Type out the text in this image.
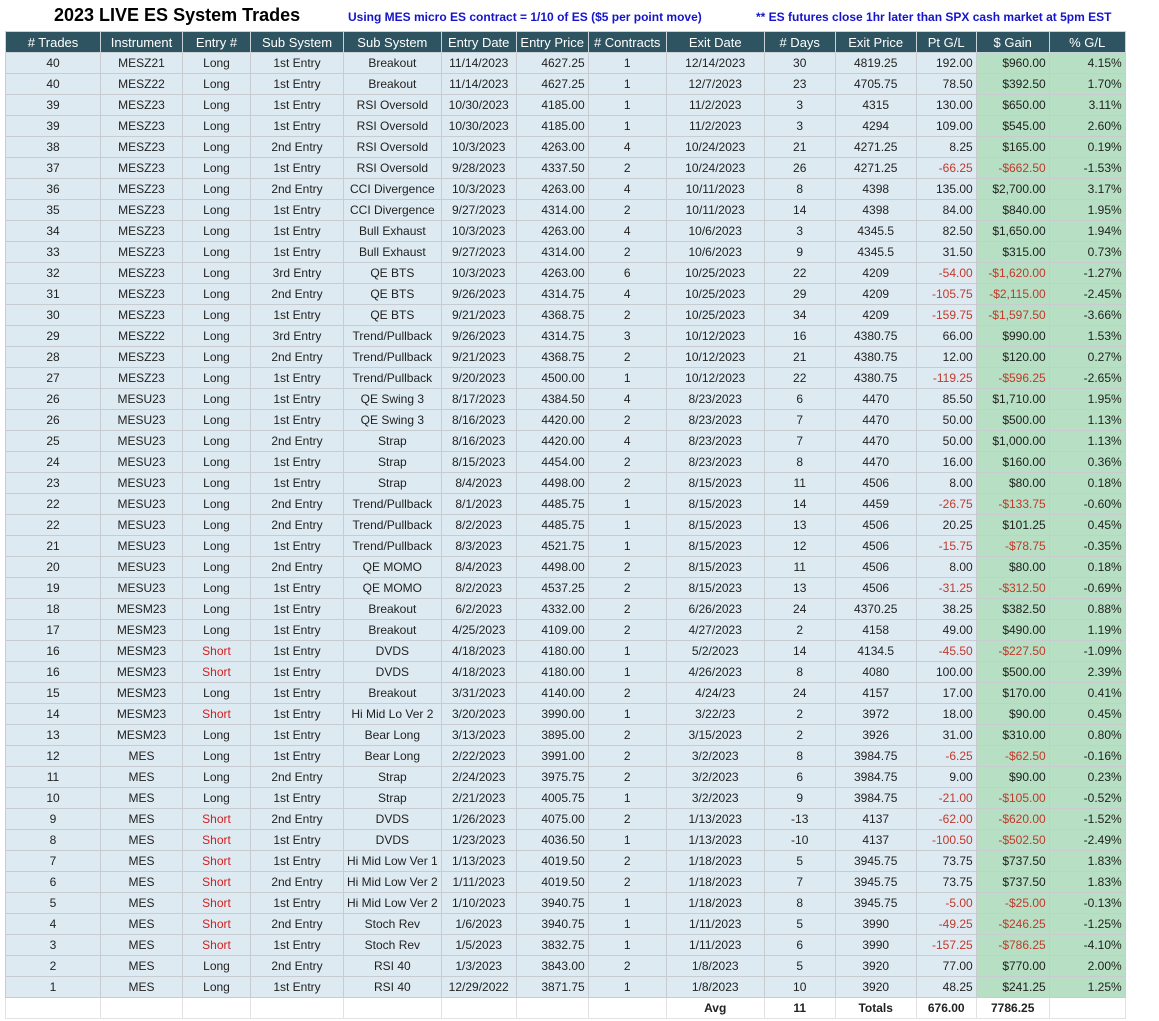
2023 LIVE ES System Trades	Using MES micro ES contract = 1/10 of ES ($5 per point move)	** ES futures close 1hr later than SPX cash market at 5pm EST
# Trades	Instrument	Entry #	Sub System	Sub System	Entry Date	Entry Price	# Contracts	Exit Date	# Days	Exit Price	Pt G/L	$ Gain	% G/L
40	MESZ21	Long	1st Entry	Breakout	11/14/2023	4627.25	1	12/14/2023	30	4819.25	192.00	$960.00	4.15%
40	MESZ22	Long	1st Entry	Breakout	11/14/2023	4627.25	1	12/7/2023	23	4705.75	78.50	$392.50	1.70%
39	MESZ23	Long	1st Entry	RSI Oversold	10/30/2023	4185.00	1	11/2/2023	3	4315	130.00	$650.00	3.11%
39	MESZ23	Long	1st Entry	RSI Oversold	10/30/2023	4185.00	1	11/2/2023	3	4294	109.00	$545.00	2.60%
38	MESZ23	Long	2nd Entry	RSI Oversold	10/3/2023	4263.00	4	10/24/2023	21	4271.25	8.25	$165.00	0.19%
37	MESZ23	Long	1st Entry	RSI Oversold	9/28/2023	4337.50	2	10/24/2023	26	4271.25	-66.25	-$662.50	-1.53%
36	MESZ23	Long	2nd Entry	CCI Divergence	10/3/2023	4263.00	4	10/11/2023	8	4398	135.00	$2,700.00	3.17%
35	MESZ23	Long	1st Entry	CCI Divergence	9/27/2023	4314.00	2	10/11/2023	14	4398	84.00	$840.00	1.95%
34	MESZ23	Long	1st Entry	Bull Exhaust	10/3/2023	4263.00	4	10/6/2023	3	4345.5	82.50	$1,650.00	1.94%
33	MESZ23	Long	1st Entry	Bull Exhaust	9/27/2023	4314.00	2	10/6/2023	9	4345.5	31.50	$315.00	0.73%
32	MESZ23	Long	3rd Entry	QE BTS	10/3/2023	4263.00	6	10/25/2023	22	4209	-54.00	-$1,620.00	-1.27%
31	MESZ23	Long	2nd Entry	QE BTS	9/26/2023	4314.75	4	10/25/2023	29	4209	-105.75	-$2,115.00	-2.45%
30	MESZ23	Long	1st Entry	QE BTS	9/21/2023	4368.75	2	10/25/2023	34	4209	-159.75	-$1,597.50	-3.66%
29	MESZ22	Long	3rd Entry	Trend/Pullback	9/26/2023	4314.75	3	10/12/2023	16	4380.75	66.00	$990.00	1.53%
28	MESZ23	Long	2nd Entry	Trend/Pullback	9/21/2023	4368.75	2	10/12/2023	21	4380.75	12.00	$120.00	0.27%
27	MESZ23	Long	1st Entry	Trend/Pullback	9/20/2023	4500.00	1	10/12/2023	22	4380.75	-119.25	-$596.25	-2.65%
26	MESU23	Long	1st Entry	QE Swing 3	8/17/2023	4384.50	4	8/23/2023	6	4470	85.50	$1,710.00	1.95%
26	MESU23	Long	1st Entry	QE Swing 3	8/16/2023	4420.00	2	8/23/2023	7	4470	50.00	$500.00	1.13%
25	MESU23	Long	2nd Entry	Strap	8/16/2023	4420.00	4	8/23/2023	7	4470	50.00	$1,000.00	1.13%
24	MESU23	Long	1st Entry	Strap	8/15/2023	4454.00	2	8/23/2023	8	4470	16.00	$160.00	0.36%
23	MESU23	Long	1st Entry	Strap	8/4/2023	4498.00	2	8/15/2023	11	4506	8.00	$80.00	0.18%
22	MESU23	Long	2nd Entry	Trend/Pullback	8/1/2023	4485.75	1	8/15/2023	14	4459	-26.75	-$133.75	-0.60%
22	MESU23	Long	2nd Entry	Trend/Pullback	8/2/2023	4485.75	1	8/15/2023	13	4506	20.25	$101.25	0.45%
21	MESU23	Long	1st Entry	Trend/Pullback	8/3/2023	4521.75	1	8/15/2023	12	4506	-15.75	-$78.75	-0.35%
20	MESU23	Long	2nd Entry	QE MOMO	8/4/2023	4498.00	2	8/15/2023	11	4506	8.00	$80.00	0.18%
19	MESU23	Long	1st Entry	QE MOMO	8/2/2023	4537.25	2	8/15/2023	13	4506	-31.25	-$312.50	-0.69%
18	MESM23	Long	1st Entry	Breakout	6/2/2023	4332.00	2	6/26/2023	24	4370.25	38.25	$382.50	0.88%
17	MESM23	Long	1st Entry	Breakout	4/25/2023	4109.00	2	4/27/2023	2	4158	49.00	$490.00	1.19%
16	MESM23	Short	1st Entry	DVDS	4/18/2023	4180.00	1	5/2/2023	14	4134.5	-45.50	-$227.50	-1.09%
16	MESM23	Short	1st Entry	DVDS	4/18/2023	4180.00	1	4/26/2023	8	4080	100.00	$500.00	2.39%
15	MESM23	Long	1st Entry	Breakout	3/31/2023	4140.00	2	4/24/23	24	4157	17.00	$170.00	0.41%
14	MESM23	Short	1st Entry	Hi Mid Lo Ver 2	3/20/2023	3990.00	1	3/22/23	2	3972	18.00	$90.00	0.45%
13	MESM23	Long	1st Entry	Bear Long	3/13/2023	3895.00	2	3/15/2023	2	3926	31.00	$310.00	0.80%
12	MES	Long	1st Entry	Bear Long	2/22/2023	3991.00	2	3/2/2023	8	3984.75	-6.25	-$62.50	-0.16%
11	MES	Long	2nd Entry	Strap	2/24/2023	3975.75	2	3/2/2023	6	3984.75	9.00	$90.00	0.23%
10	MES	Long	1st Entry	Strap	2/21/2023	4005.75	1	3/2/2023	9	3984.75	-21.00	-$105.00	-0.52%
9	MES	Short	2nd Entry	DVDS	1/26/2023	4075.00	2	1/13/2023	-13	4137	-62.00	-$620.00	-1.52%
8	MES	Short	1st Entry	DVDS	1/23/2023	4036.50	1	1/13/2023	-10	4137	-100.50	-$502.50	-2.49%
7	MES	Short	1st Entry	Hi Mid Low Ver 1	1/13/2023	4019.50	2	1/18/2023	5	3945.75	73.75	$737.50	1.83%
6	MES	Short	2nd Entry	Hi Mid Low Ver 2	1/11/2023	4019.50	2	1/18/2023	7	3945.75	73.75	$737.50	1.83%
5	MES	Short	1st Entry	Hi Mid Low Ver 2	1/10/2023	3940.75	1	1/18/2023	8	3945.75	-5.00	-$25.00	-0.13%
4	MES	Short	2nd Entry	Stoch Rev	1/6/2023	3940.75	1	1/11/2023	5	3990	-49.25	-$246.25	-1.25%
3	MES	Short	1st Entry	Stoch Rev	1/5/2023	3832.75	1	1/11/2023	6	3990	-157.25	-$786.25	-4.10%
2	MES	Long	2nd Entry	RSI 40	1/3/2023	3843.00	2	1/8/2023	5	3920	77.00	$770.00	2.00%
1	MES	Long	1st Entry	RSI 40	12/29/2022	3871.75	1	1/8/2023	10	3920	48.25	$241.25	1.25%
								Avg	11	Totals	676.00	7786.25	
